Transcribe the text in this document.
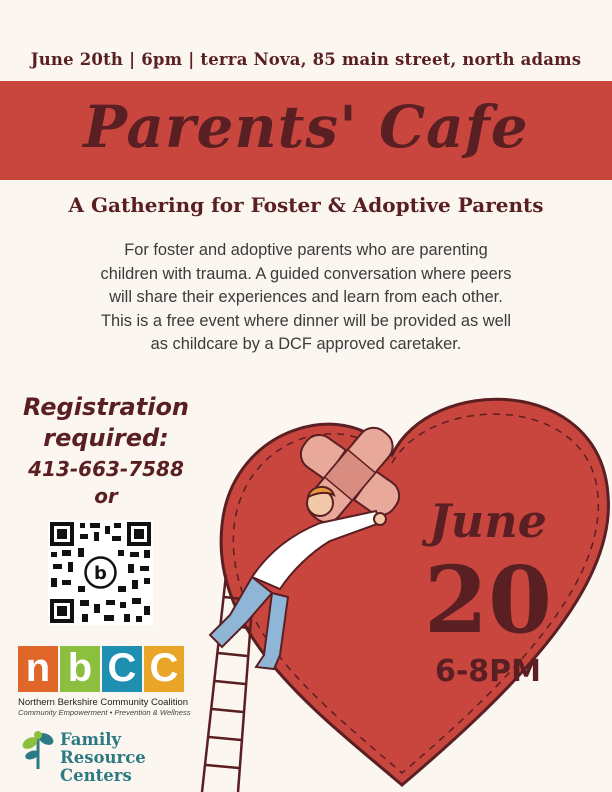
June 20th | 6pm | terra Nova, 85 main street, north adams
Parents' Cafe
A Gathering for Foster & Adoptive Parents
For foster and adoptive parents who are parenting
children with trauma. A guided conversation where peers
will share their experiences and learn from each other.
This is a free event where dinner will be provided as well
as childcare by a DCF approved caretaker.
Registration
required:
413-663-7588
or
b
n b C C
Northern Berkshire Community Coalition
Community Empowerment • Prevention & Wellness
Family
Resource Centers
June
20
6-8PM
